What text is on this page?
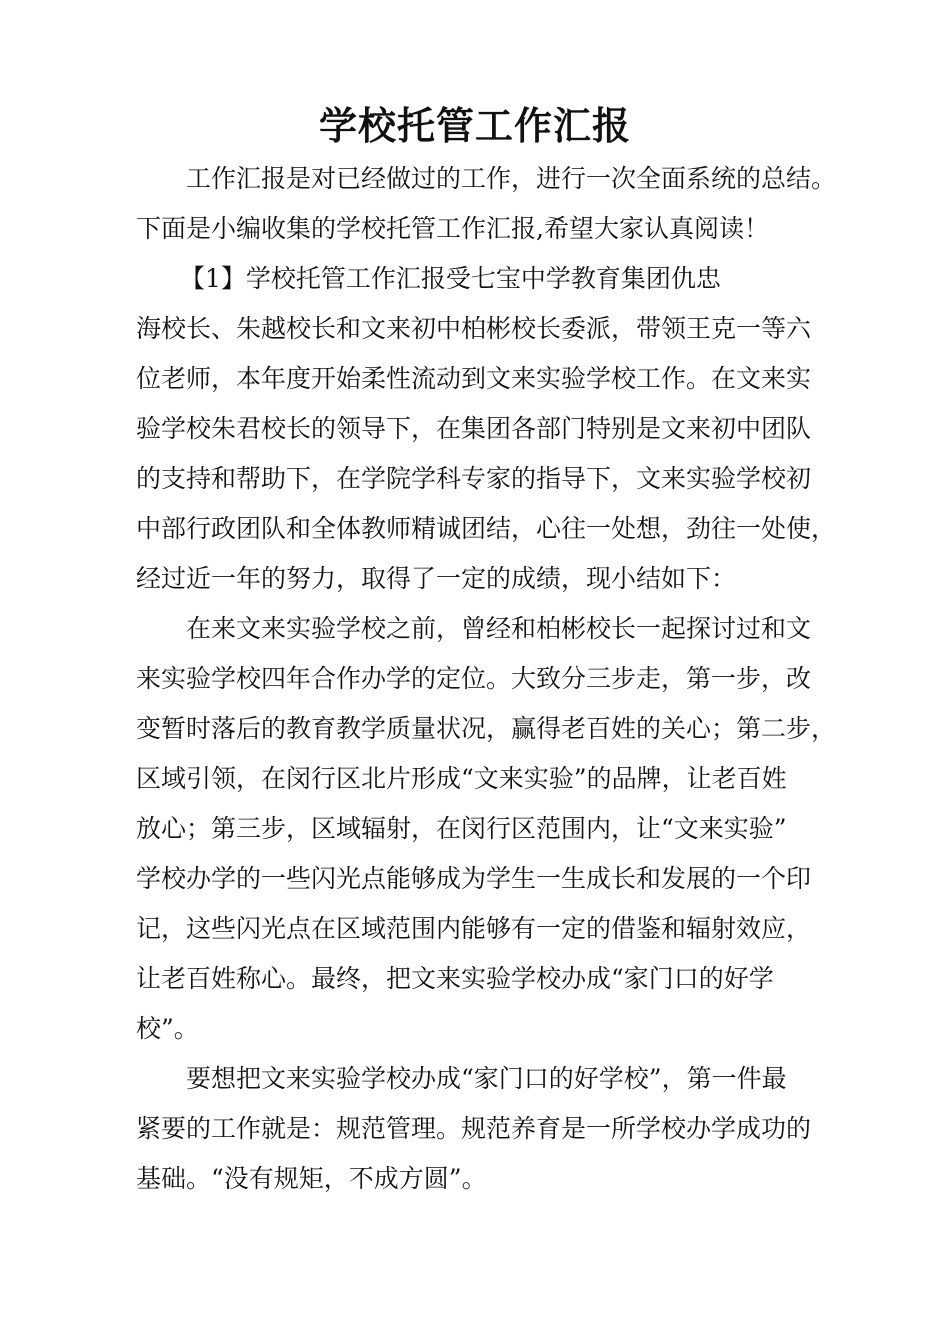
学校托管工作汇报
工作汇报是对已经做过的工作，进行一次全面系统的总结。
下面是小编收集的学校托管工作汇报,希望大家认真阅读！
【1】学校托管工作汇报受七宝中学教育集团仇忠
海校长、朱越校长和文来初中柏彬校长委派，带领王克一等六
位老师，本年度开始柔性流动到文来实验学校工作。在文来实
验学校朱君校长的领导下，在集团各部门特别是文来初中团队
的支持和帮助下，在学院学科专家的指导下，文来实验学校初
中部行政团队和全体教师精诚团结，心往一处想，劲往一处使，
经过近一年的努力，取得了一定的成绩，现小结如下：
在来文来实验学校之前，曾经和柏彬校长一起探讨过和文
来实验学校四年合作办学的定位。大致分三步走，第一步，改
变暂时落后的教育教学质量状况，赢得老百姓的关心；第二步，
区域引领，在闵行区北片形成“文来实验”的品牌，让老百姓
放心；第三步，区域辐射，在闵行区范围内，让“文来实验”
学校办学的一些闪光点能够成为学生一生成长和发展的一个印
记，这些闪光点在区域范围内能够有一定的借鉴和辐射效应，
让老百姓称心。最终，把文来实验学校办成“家门口的好学
校”。
要想把文来实验学校办成“家门口的好学校”，第一件最
紧要的工作就是：规范管理。规范养育是一所学校办学成功的
基础。“没有规矩，不成方圆”。
